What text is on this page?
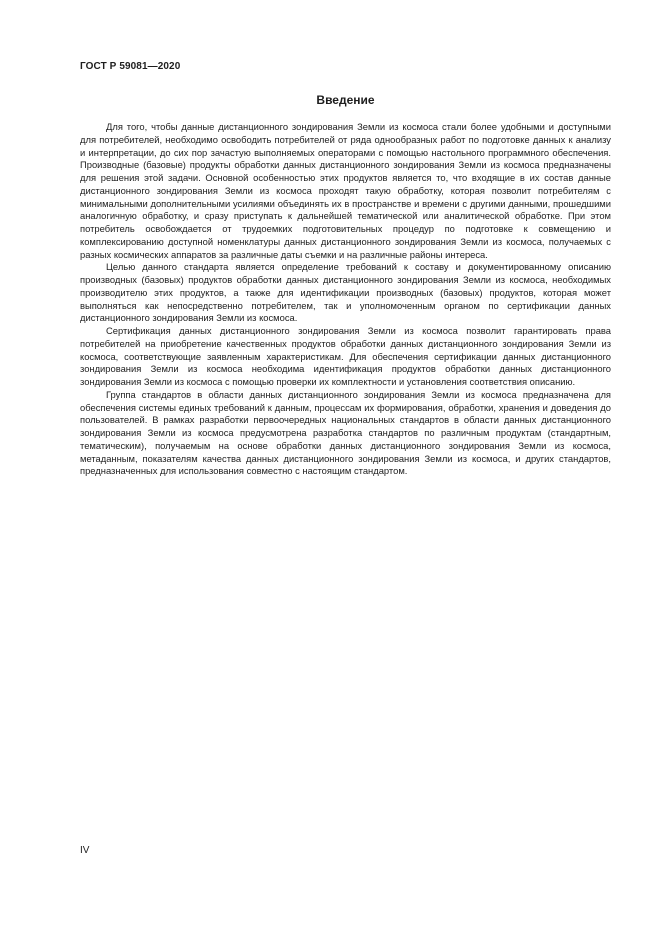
ГОСТ Р 59081—2020
Введение

Для того, чтобы данные дистанционного зондирования Земли из космоса стали более удобными и доступными для потребителей, необходимо освободить потребителей от ряда однообразных работ по подготовке данных к анализу и интерпретации, до сих пор зачастую выполняемых операторами с помощью настольного программного обеспечения. Производные (базовые) продукты обработки данных дистанционного зондирования Земли из космоса предназначены для решения этой задачи. Основной особенностью этих продуктов является то, что входящие в их состав данные дистанционного зондирования Земли из космоса проходят такую обработку, которая позволит потребителям с минимальными дополнительными усилиями объединять их в пространстве и времени с другими данными, прошедшими аналогичную обработку, и сразу приступать к дальнейшей тематической или аналитической обработке. При этом потребитель освобождается от трудоемких подготовительных процедур по подготовке к совмещению и комплексированию доступной номенклатуры данных дистанционного зондирования Земли из космоса, получаемых с разных космических аппаратов за различные даты съемки и на различные районы интереса.

Целью данного стандарта является определение требований к составу и документированному описанию производных (базовых) продуктов обработки данных дистанционного зондирования Земли из космоса, необходимых производителю этих продуктов, а также для идентификации производных (базовых) продуктов, которая может выполняться как непосредственно потребителем, так и уполномоченным органом по сертификации данных дистанционного зондирования Земли из космоса.

Сертификация данных дистанционного зондирования Земли из космоса позволит гарантировать права потребителей на приобретение качественных продуктов обработки данных дистанционного зондирования Земли из космоса, соответствующие заявленным характеристикам. Для обеспечения сертификации данных дистанционного зондирования Земли из космоса необходима идентификация продуктов обработки данных дистанционного зондирования Земли из космоса с помощью проверки их комплектности и установления соответствия описанию.

Группа стандартов в области данных дистанционного зондирования Земли из космоса предназначена для обеспечения системы единых требований к данным, процессам их формирования, обработки, хранения и доведения до пользователей. В рамках разработки первоочередных национальных стандартов в области данных дистанционного зондирования Земли из космоса предусмотрена разработка стандартов по различным продуктам (стандартным, тематическим), получаемым на основе обработки данных дистанционного зондирования Земли из космоса, метаданным, показателям качества данных дистанционного зондирования Земли из космоса, и других стандартов, предназначенных для использования совместно с настоящим стандартом.

IV
